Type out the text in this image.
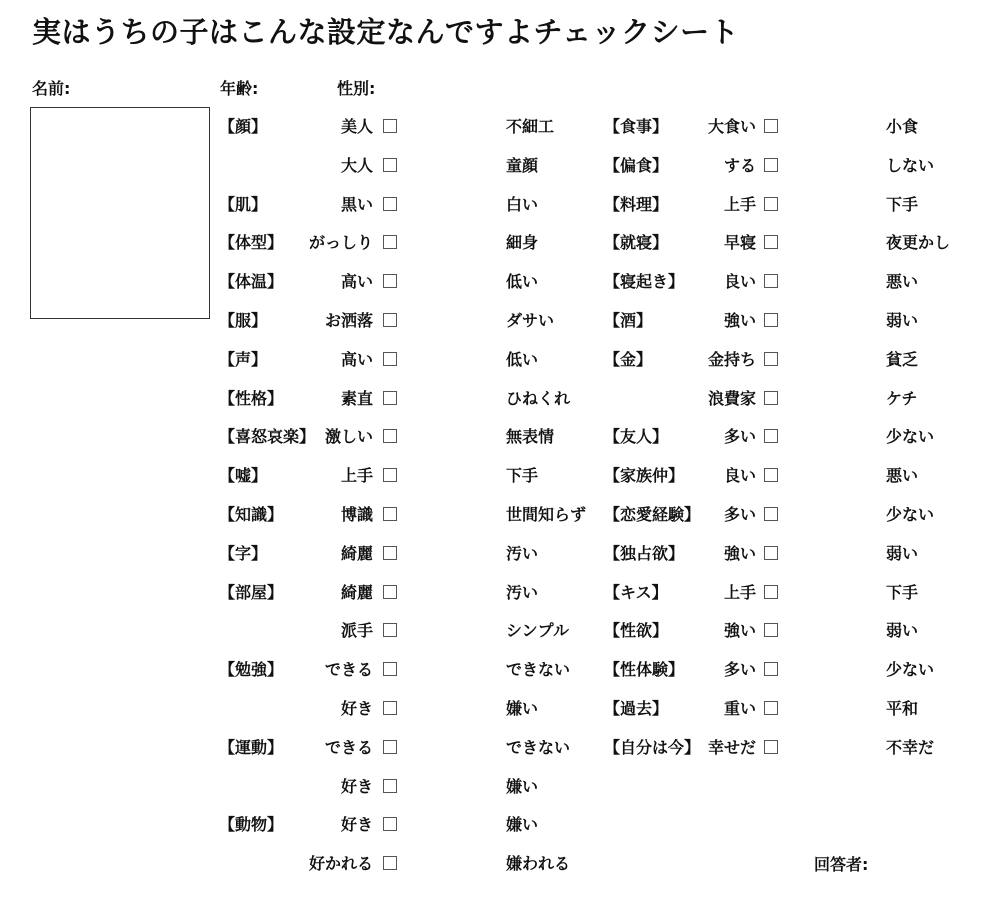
実はうちの子はこんな設定なんですよチェックシート
名前:	年齢:	性別:
【顔】	美人	不細工
大人	童顔
【肌】	黒い	白い
【体型】	がっしり	細身
【体温】	高い	低い
【服】	お洒落	ダサい
【声】	高い	低い
【性格】	素直	ひねくれ
【喜怒哀楽】 激しい	無表情
【嘘】	上手	下手
【知識】	博識	世間知らず
【字】	綺麗	汚い
【部屋】	綺麗	汚い
派手	シンプル
【勉強】	できる	できない
好き	嫌い
【運動】	できる	できない
好き	嫌い
【動物】	好き	嫌い
好かれる	嫌われる
【食事】	大食い	小食
【偏食】	する	しない
【料理】	上手	下手
【就寝】	早寝	夜更かし
【寝起き】	良い	悪い
【酒】	強い	弱い
【金】	金持ち	貧乏
浪費家	ケチ
【友人】	多い	少ない
【家族仲】	良い	悪い
【恋愛経験】	多い	少ない
【独占欲】	強い	弱い
【キス】	上手	下手
【性欲】	強い	弱い
【性体験】	多い	少ない
【過去】	重い	平和
【自分は今】 幸せだ	不幸だ
回答者:
